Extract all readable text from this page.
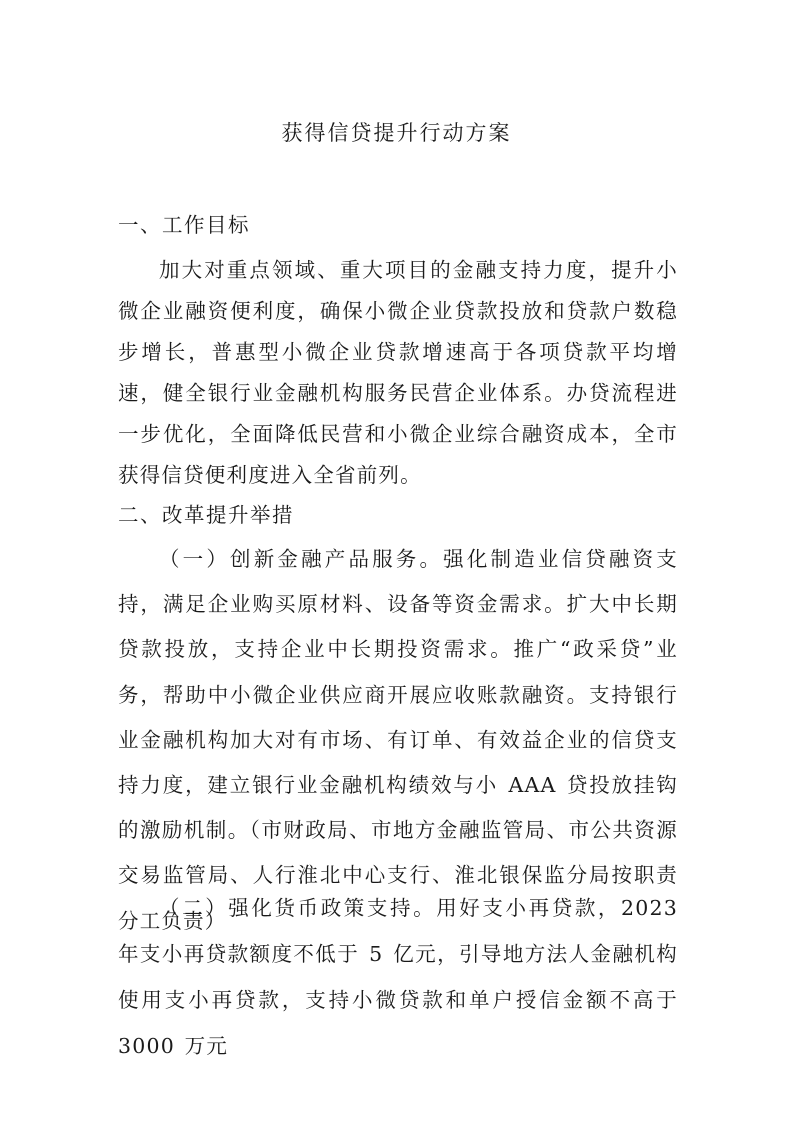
获得信贷提升行动方案
一、工作目标
加大对重点领域、重大项目的金融支持力度，提升小微企业融资便利度，确保小微企业贷款投放和贷款户数稳步增长，普惠型小微企业贷款增速高于各项贷款平均增速，健全银行业金融机构服务民营企业体系。办贷流程进一步优化，全面降低民营和小微企业综合融资成本，全市获得信贷便利度进入全省前列。
二、改革提升举措
（一）创新金融产品服务。强化制造业信贷融资支持，满足企业购买原材料、设备等资金需求。扩大中长期贷款投放，支持企业中长期投资需求。推广“政采贷”业务，帮助中小微企业供应商开展应收账款融资。支持银行业金融机构加大对有市场、有订单、有效益企业的信贷支持力度，建立银行业金融机构绩效与小 AAA 贷投放挂钩的激励机制。（市财政局、市地方金融监管局、市公共资源交易监管局、人行淮北中心支行、淮北银保监分局按职责分工负责）
（二）强化货币政策支持。用好支小再贷款，2023 年支小再贷款额度不低于 5 亿元，引导地方法人金融机构使用支小再贷款，支持小微贷款和单户授信金额不高于 3000 万元
